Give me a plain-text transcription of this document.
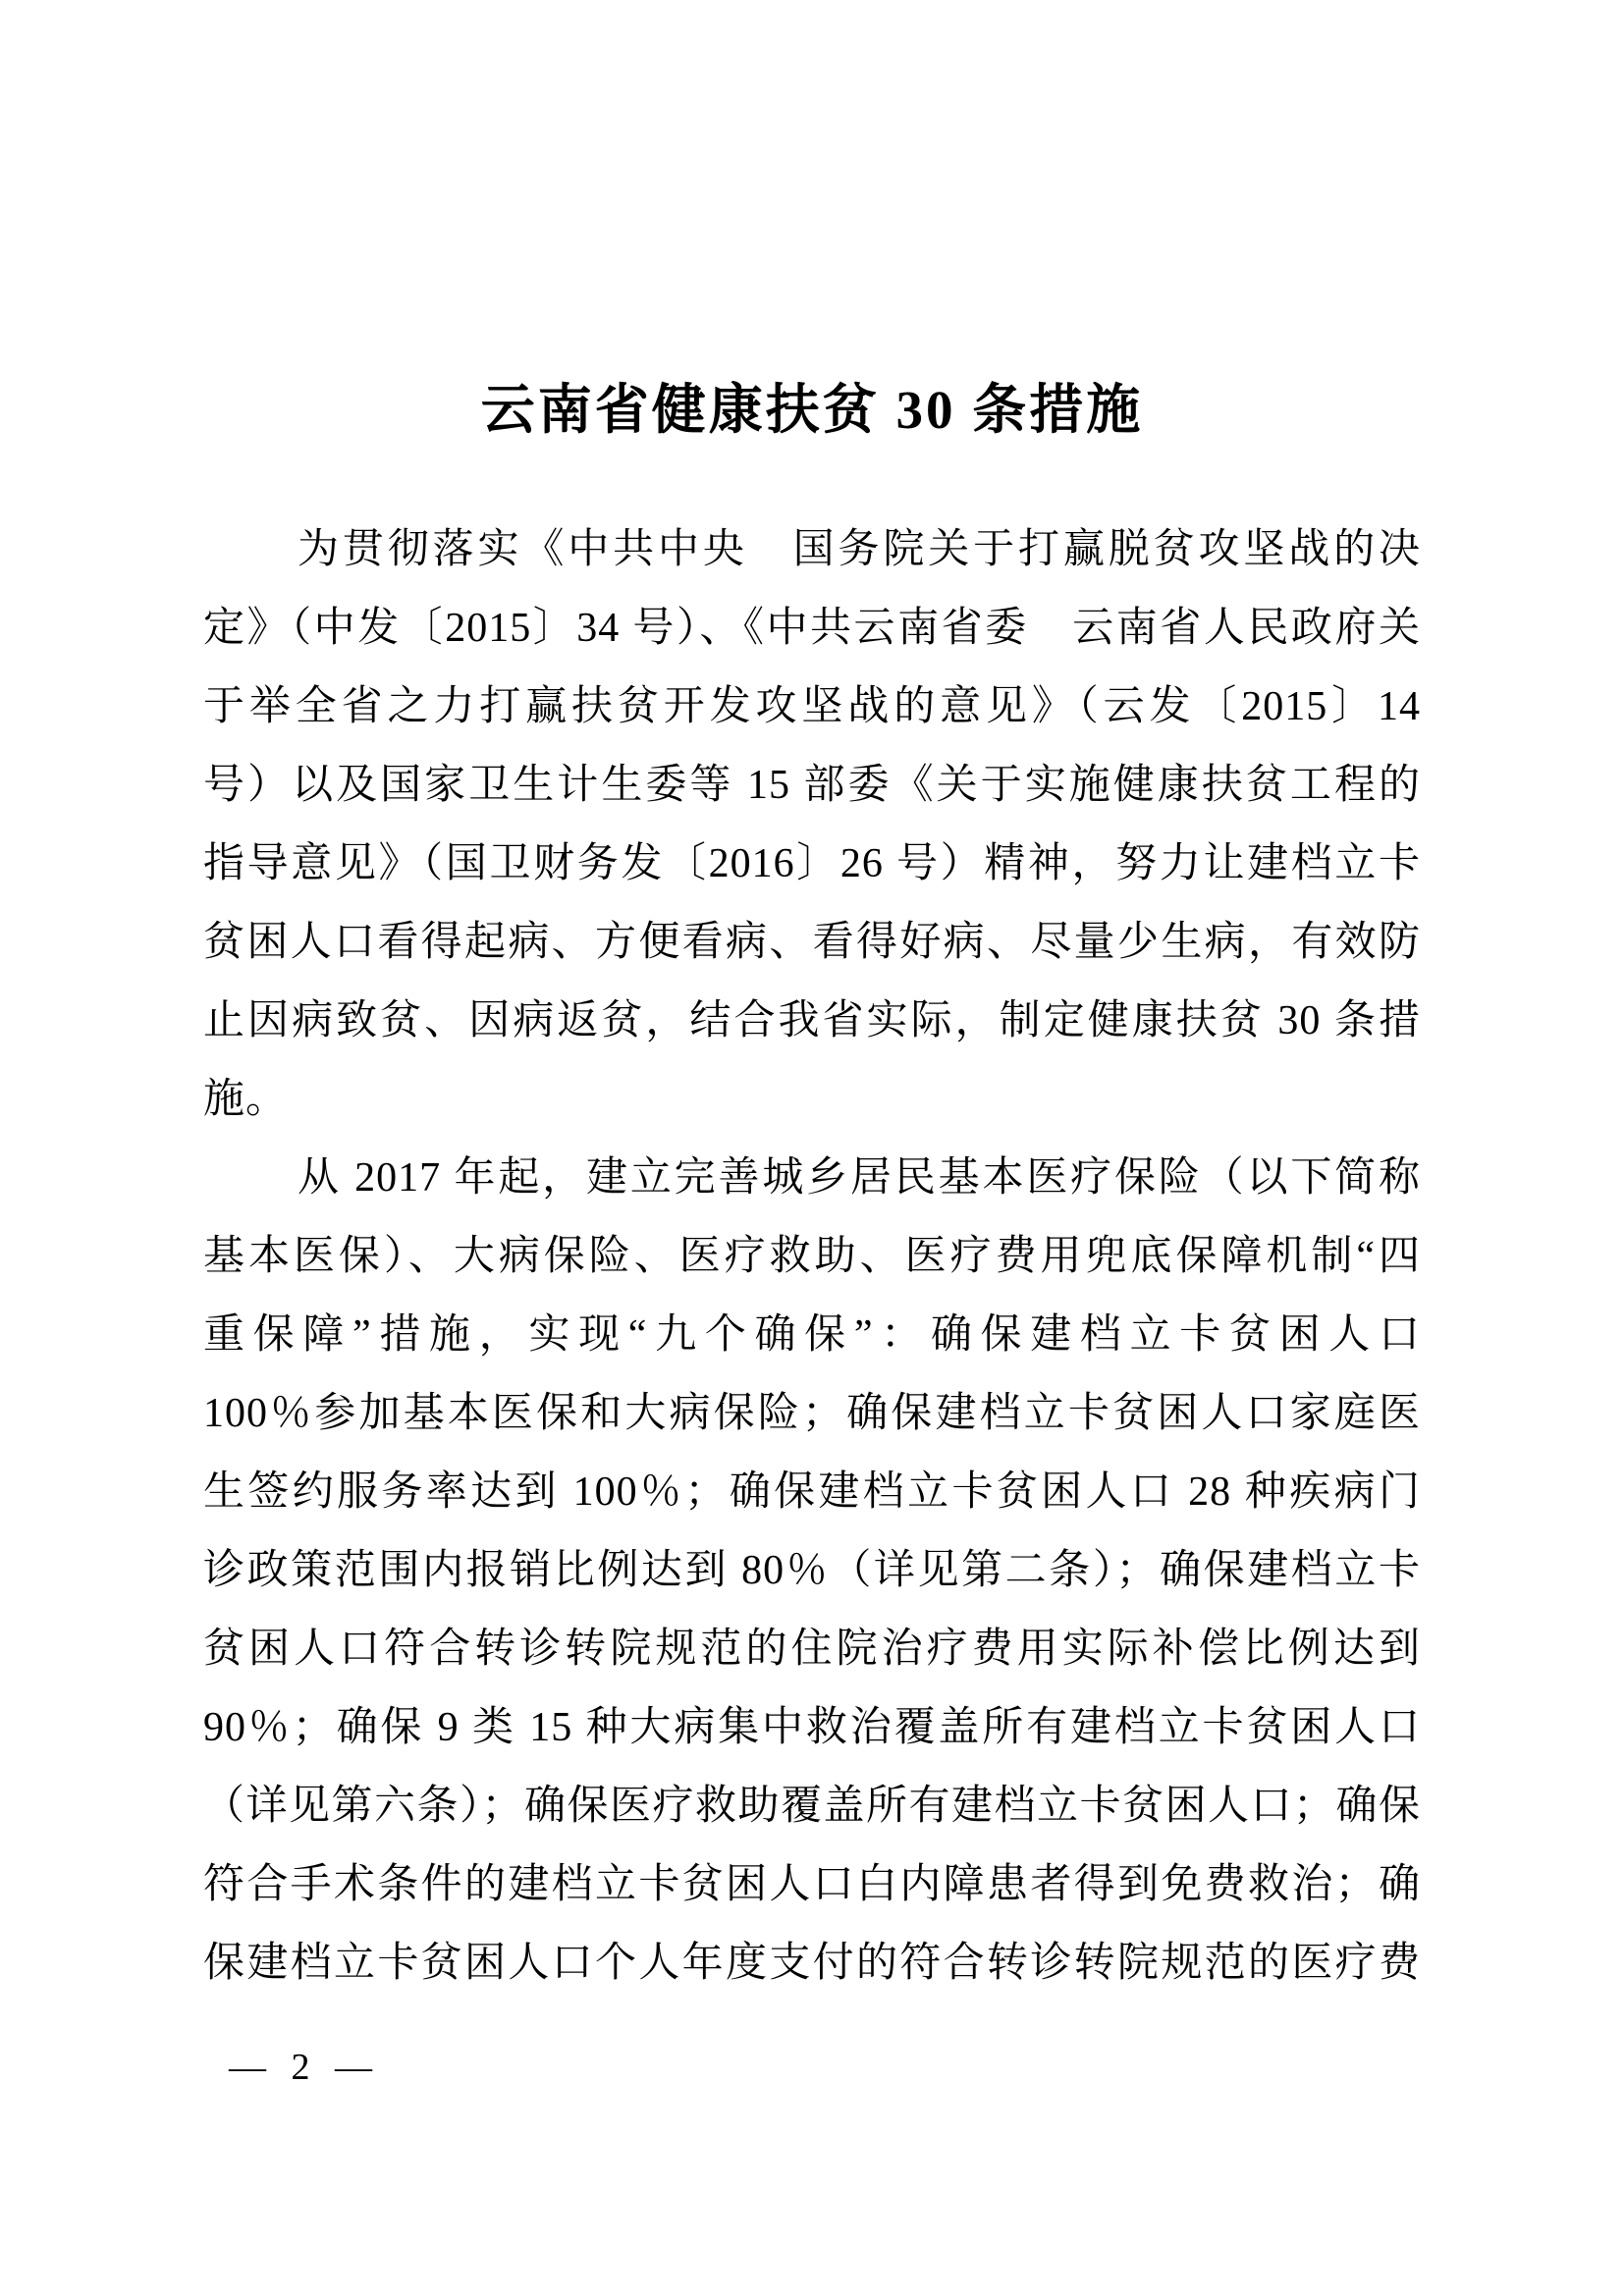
云南省健康扶贫 30 条措施
为贯彻落实《中共中央　国务院关于打赢脱贫攻坚战的决
定》（中发〔2015〕34 号）、《中共云南省委　云南省人民政府关
于举全省之力打赢扶贫开发攻坚战的意见》（云发〔2015〕14
号）以及国家卫生计生委等 15 部委《关于实施健康扶贫工程的
指导意见》（国卫财务发〔2016〕26 号）精神，努力让建档立卡
贫困人口看得起病、方便看病、看得好病、尽量少生病，有效防
止因病致贫、因病返贫，结合我省实际，制定健康扶贫 30 条措
施。
从 2017 年起，建立完善城乡居民基本医疗保险（以下简称
基本医保）、大病保险、医疗救助、医疗费用兜底保障机制“四
重保障”措施，实现“九个确保”：确保建档立卡贫困人口
100％参加基本医保和大病保险；确保建档立卡贫困人口家庭医
生签约服务率达到 100％；确保建档立卡贫困人口 28 种疾病门
诊政策范围内报销比例达到 80％（详见第二条）；确保建档立卡
贫困人口符合转诊转院规范的住院治疗费用实际补偿比例达到
90％；确保 9 类 15 种大病集中救治覆盖所有建档立卡贫困人口
（详见第六条）；确保医疗救助覆盖所有建档立卡贫困人口；确保
符合手术条件的建档立卡贫困人口白内障患者得到免费救治；确
保建档立卡贫困人口个人年度支付的符合转诊转院规范的医疗费
— 2 —
